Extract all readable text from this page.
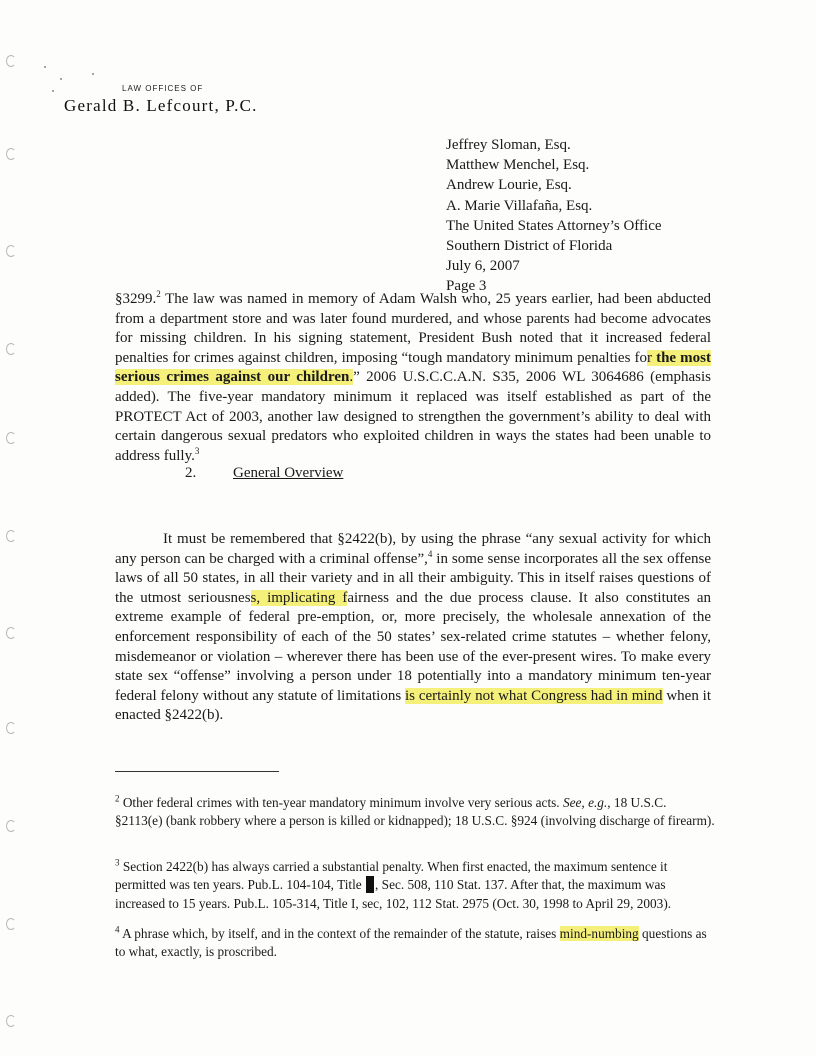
LAW OFFICES OF
Gerald B. Lefcourt, P.C.
Jeffrey Sloman, Esq.
Matthew Menchel, Esq.
Andrew Lourie, Esq.
A. Marie Villafaña, Esq.
The United States Attorney’s Office
Southern District of Florida
July 6, 2007
Page 3
§3299.$^2$ The law was named in memory of Adam Walsh who, 25 years earlier, had been abducted from a department store and was later found murdered, and whose parents had become advocates for missing children. In his signing statement, President Bush noted that it increased federal penalties for crimes against children, imposing “tough mandatory minimum penalties for the most serious crimes against our children.” 2006 U.S.C.C.A.N. S35, 2006 WL 3064686 (emphasis added). The five-year mandatory minimum it replaced was itself established as part of the PROTECT Act of 2003, another law designed to strengthen the government’s ability to deal with certain dangerous sexual predators who exploited children in ways the states had been unable to address fully.$^3$
2. General Overview
It must be remembered that §2422(b), by using the phrase “any sexual activity for which any person can be charged with a criminal offense”,$^4$ in some sense incorporates all the sex offense laws of all 50 states, in all their variety and in all their ambiguity. This in itself raises questions of the utmost seriousness, implicating fairness and the due process clause. It also constitutes an extreme example of federal pre-emption, or, more precisely, the wholesale annexation of the enforcement responsibility of each of the 50 states’ sex-related crime statutes – whether felony, misdemeanor or violation – wherever there has been use of the ever-present wires. To make every state sex “offense” involving a person under 18 potentially into a mandatory minimum ten-year federal felony without any statute of limitations is certainly not what Congress had in mind when it enacted §2422(b).
$^2$ Other federal crimes with ten-year mandatory minimum involve very serious acts. See, e.g., 18 U.S.C. §2113(e) (bank robbery where a person is killed or kidnapped); 18 U.S.C. §924 (involving discharge of firearm).
$^3$ Section 2422(b) has always carried a substantial penalty. When first enacted, the maximum sentence it permitted was ten years. Pub.L. 104-104, Title , Sec. 508, 110 Stat. 137. After that, the maximum was increased to 15 years. Pub.L. 105-314, Title I, sec, 102, 112 Stat. 2975 (Oct. 30, 1998 to April 29, 2003).
$^4$ A phrase which, by itself, and in the context of the remainder of the statute, raises mind-numbing questions as to what, exactly, is proscribed.
